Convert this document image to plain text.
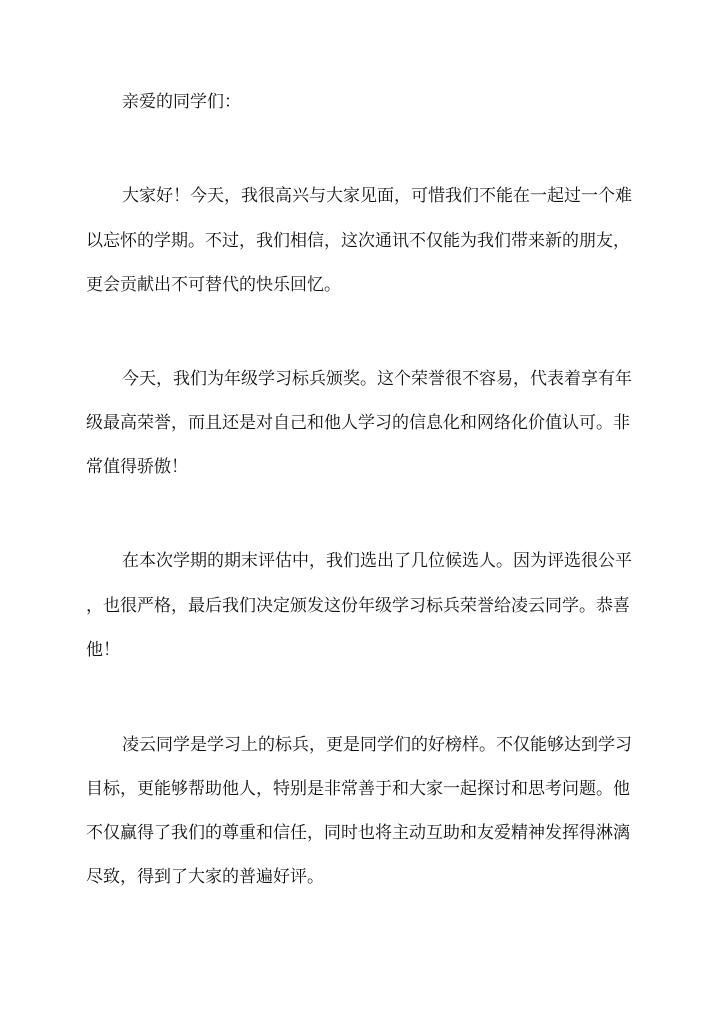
亲爱的同学们：
大家好！今天，我很高兴与大家见面，可惜我们不能在一起过一个难
以忘怀的学期。不过，我们相信，这次通讯不仅能为我们带来新的朋友，
更会贡献出不可替代的快乐回忆。
今天，我们为年级学习标兵颁奖。这个荣誉很不容易，代表着享有年
级最高荣誉，而且还是对自己和他人学习的信息化和网络化价值认可。非
常值得骄傲！
在本次学期的期末评估中，我们选出了几位候选人。因为评选很公平
，也很严格，最后我们决定颁发这份年级学习标兵荣誉给凌云同学。恭喜
他！
凌云同学是学习上的标兵，更是同学们的好榜样。不仅能够达到学习
目标，更能够帮助他人，特别是非常善于和大家一起探讨和思考问题。他
不仅赢得了我们的尊重和信任，同时也将主动互助和友爱精神发挥得淋漓
尽致，得到了大家的普遍好评。
